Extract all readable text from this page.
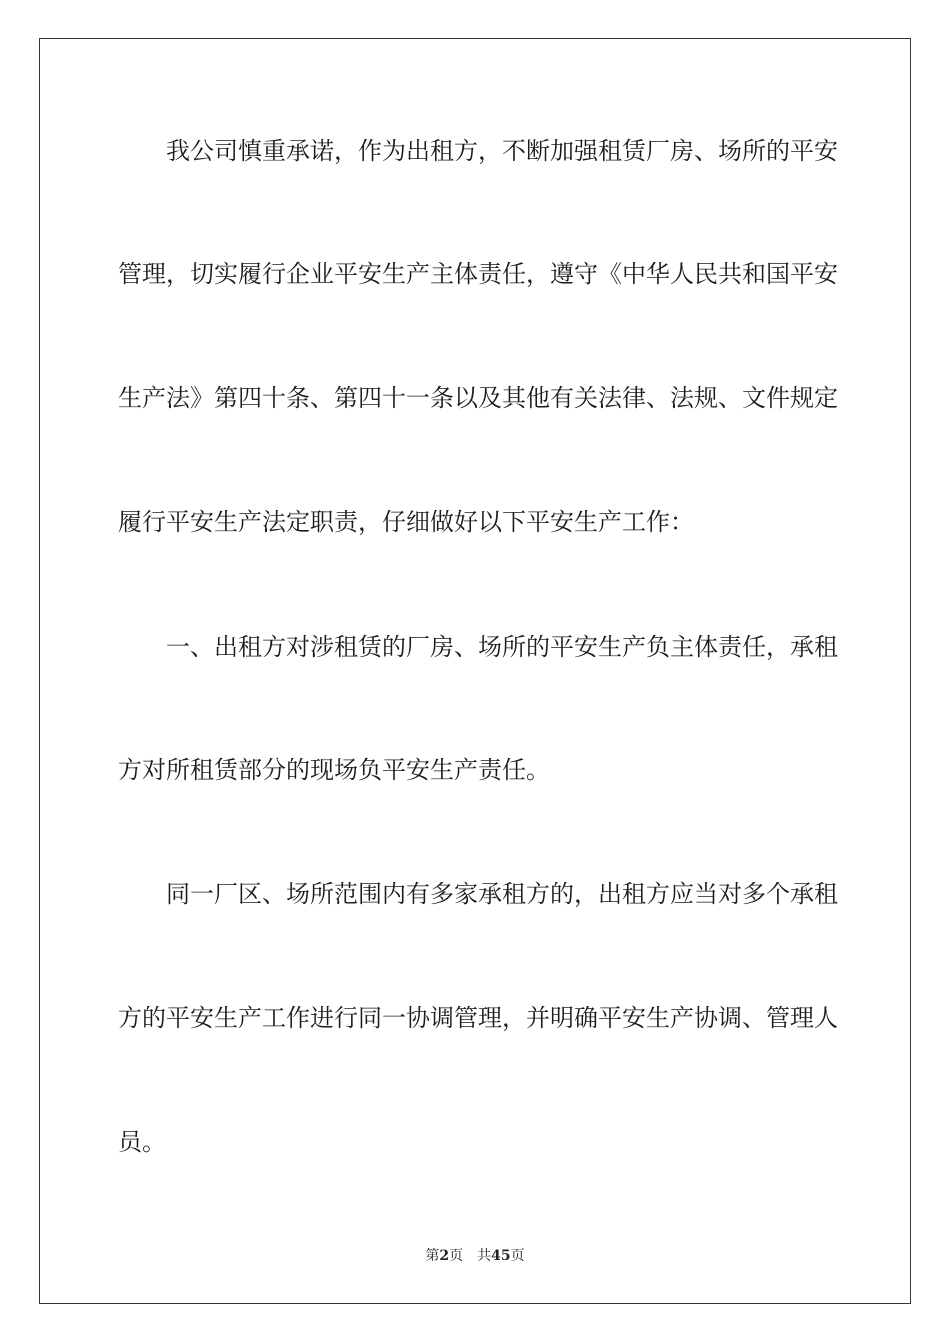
我公司慎重承诺，作为出租方，不断加强租赁厂房、场所的平安
管理，切实履行企业平安生产主体责任，遵守《中华人民共和国平安
生产法》第四十条、第四十一条以及其他有关法律、法规、文件规定
履行平安生产法定职责，仔细做好以下平安生产工作：
一、出租方对涉租赁的厂房、场所的平安生产负主体责任，承租
方对所租赁部分的现场负平安生产责任。
同一厂区、场所范围内有多家承租方的，出租方应当对多个承租
方的平安生产工作进行同一协调管理，并明确平安生产协调、管理人
员。
第2页 共45页
